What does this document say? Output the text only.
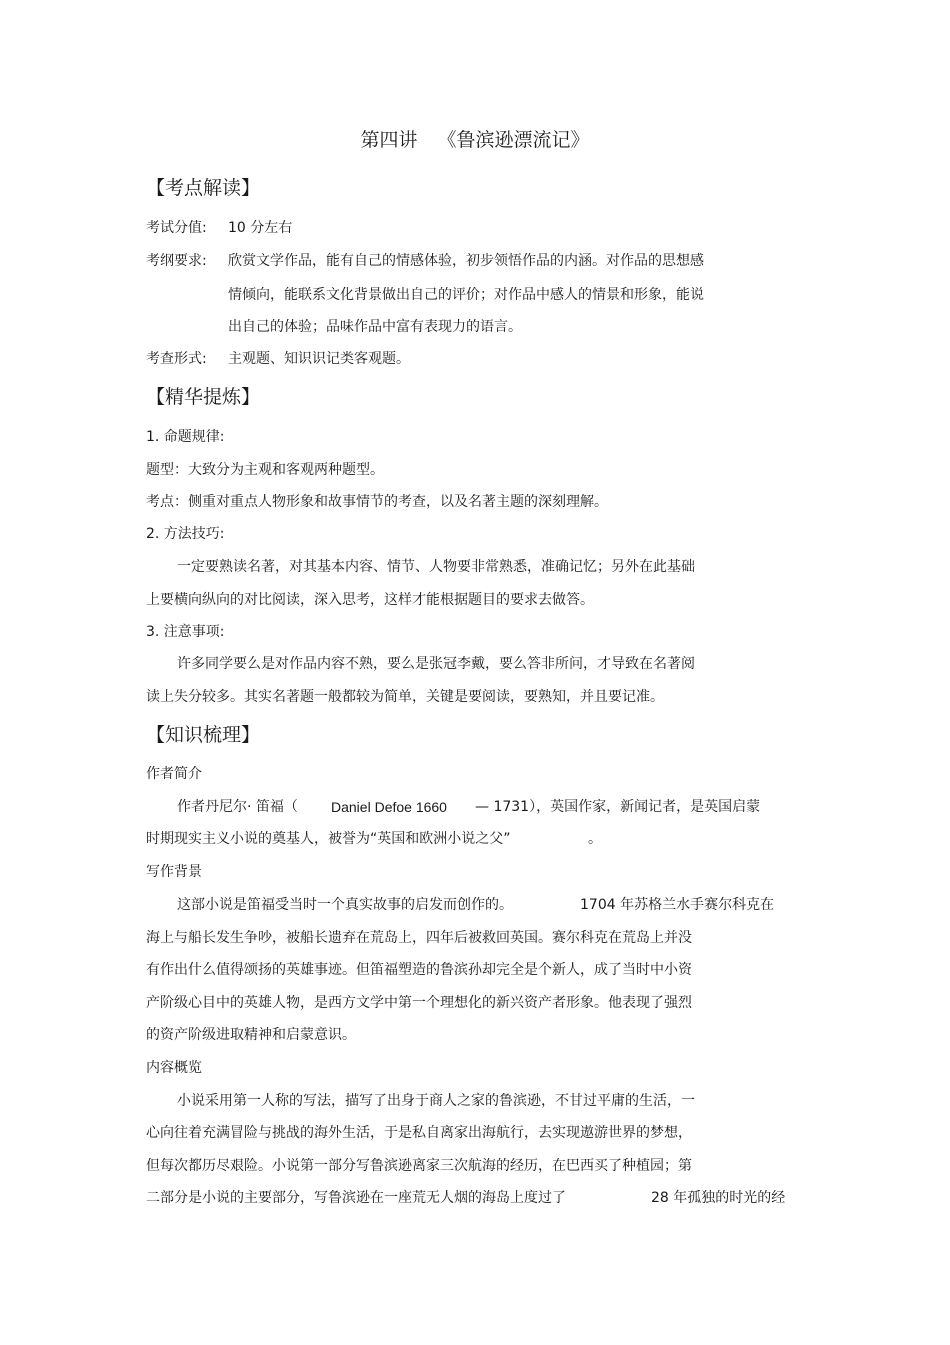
第四讲 《鲁滨逊漂流记》
【考点解读】
考试分值: 10 分左右
考纲要求: 欣赏文学作品，能有自己的情感体验，初步领悟作品的内涵。对作品的思想感
情倾向，能联系文化背景做出自己的评价；对作品中感人的情景和形象，能说
出自己的体验；品味作品中富有表现力的语言。
考查形式: 主观题、知识识记类客观题。
【精华提炼】
1. 命题规律:
题型：大致分为主观和客观两种题型。
考点：侧重对重点人物形象和故事情节的考查，以及名著主题的深刻理解。
2. 方法技巧:
一定要熟读名著，对其基本内容、情节、人物要非常熟悉，准确记忆；另外在此基础
上要横向纵向的对比阅读，深入思考，这样才能根据题目的要求去做答。
3. 注意事项:
许多同学要么是对作品内容不熟，要么是张冠李戴，要么答非所问，才导致在名著阅
读上失分较多。其实名著题一般都较为简单，关键是要阅读，要熟知，并且要记准。
【知识梳理】
作者简介
作者丹尼尔· 笛福（ Daniel Defoe 1660 — 1731），英国作家，新闻记者，是英国启蒙
时期现实主义小说的奠基人，被誉为“英国和欧洲小说之父”	。
写作背景
这部小说是笛福受当时一个真实故事的启发而创作的。	1704 年苏格兰水手赛尔科克在
海上与船长发生争吵，被船长遗弃在荒岛上，四年后被救回英国。赛尔科克在荒岛上并没
有作出什么值得颂扬的英雄事迹。但笛福塑造的鲁滨孙却完全是个新人，成了当时中小资
产阶级心目中的英雄人物，是西方文学中第一个理想化的新兴资产者形象。他表现了强烈
的资产阶级进取精神和启蒙意识。
内容概览
小说采用第一人称的写法，描写了出身于商人之家的鲁滨逊，不甘过平庸的生活，一
心向往着充满冒险与挑战的海外生活，于是私自离家出海航行，去实现遨游世界的梦想，
但每次都历尽艰险。小说第一部分写鲁滨逊离家三次航海的经历，在巴西买了种植园；第
二部分是小说的主要部分，写鲁滨逊在一座荒无人烟的海岛上度过了	28 年孤独的时光的经
